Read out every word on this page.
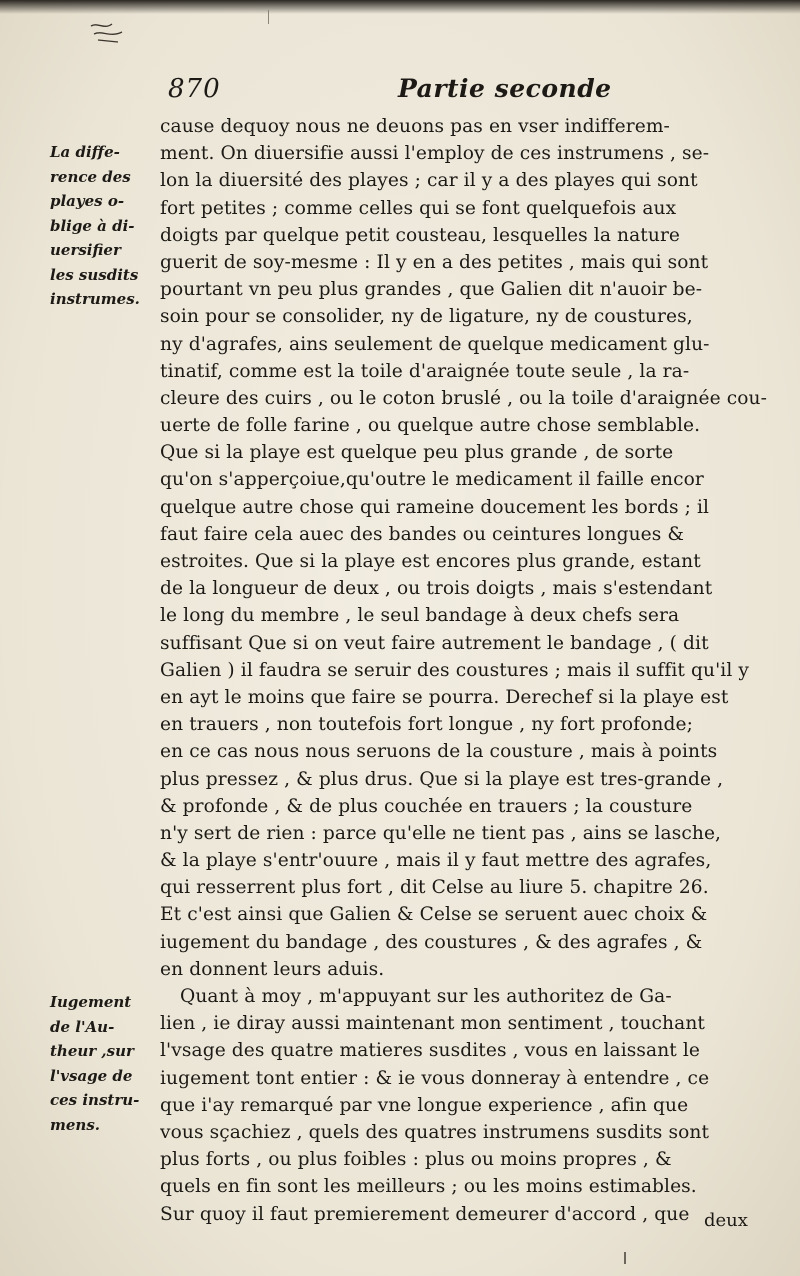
870	Partie seconde
La diffe-
rence des
playes o-
blige à di-
uersifier
les susdits
instrumes.
Iugement
de l'Au-
theur ,sur
l'vsage de
ces instru-
mens.
cause dequoy nous ne deuons pas en vser indifferem-
ment. On diuersifie aussi l'employ de ces instrumens , se-
lon la diuersité des playes ; car il y a des playes qui sont
fort petites ; comme celles qui se font quelquefois aux
doigts par quelque petit cousteau, lesquelles la nature
guerit de soy-mesme : Il y en a des petites , mais qui sont
pourtant vn peu plus grandes , que Galien dit n'auoir be-
soin pour se consolider, ny de ligature, ny de coustures,
ny d'agrafes, ains seulement de quelque medicament glu-
tinatif, comme est la toile d'araignée toute seule , la ra-
cleure des cuirs , ou le coton bruslé , ou la toile d'araignée cou-
uerte de folle farine , ou quelque autre chose semblable.
Que si la playe est quelque peu plus grande , de sorte
qu'on s'apperçoiue,qu'outre le medicament il faille encor
quelque autre chose qui rameine doucement les bords ; il
faut faire cela auec des bandes ou ceintures longues &
estroites. Que si la playe est encores plus grande, estant
de la longueur de deux , ou trois doigts , mais s'estendant
le long du membre , le seul bandage à deux chefs sera
suffisant Que si on veut faire autrement le bandage , ( dit
Galien ) il faudra se seruir des coustures ; mais il suffit qu'il y
en ayt le moins que faire se pourra. Derechef si la playe est
en trauers , non toutefois fort longue , ny fort profonde;
en ce cas nous nous seruons de la cousture , mais à points
plus pressez , & plus drus. Que si la playe est tres-grande ,
& profonde , & de plus couchée en trauers ; la cousture
n'y sert de rien : parce qu'elle ne tient pas , ains se lasche,
& la playe s'entr'ouure , mais il y faut mettre des agrafes,
qui resserrent plus fort , dit Celse au liure 5. chapitre 26.
Et c'est ainsi que Galien & Celse se seruent auec choix &
iugement du bandage , des coustures , & des agrafes , &
en donnent leurs aduis.
Quant à moy , m'appuyant sur les authoritez de Ga-
lien , ie diray aussi maintenant mon sentiment , touchant
l'vsage des quatre matieres susdites , vous en laissant le
iugement tont entier : & ie vous donneray à entendre , ce
que i'ay remarqué par vne longue experience , afin que
vous sçachiez , quels des quatres instrumens susdits sont
plus forts , ou plus foibles : plus ou moins propres , &
quels en fin sont les meilleurs ; ou les moins estimables.
Sur quoy il faut premierement demeurer d'accord , que deux
